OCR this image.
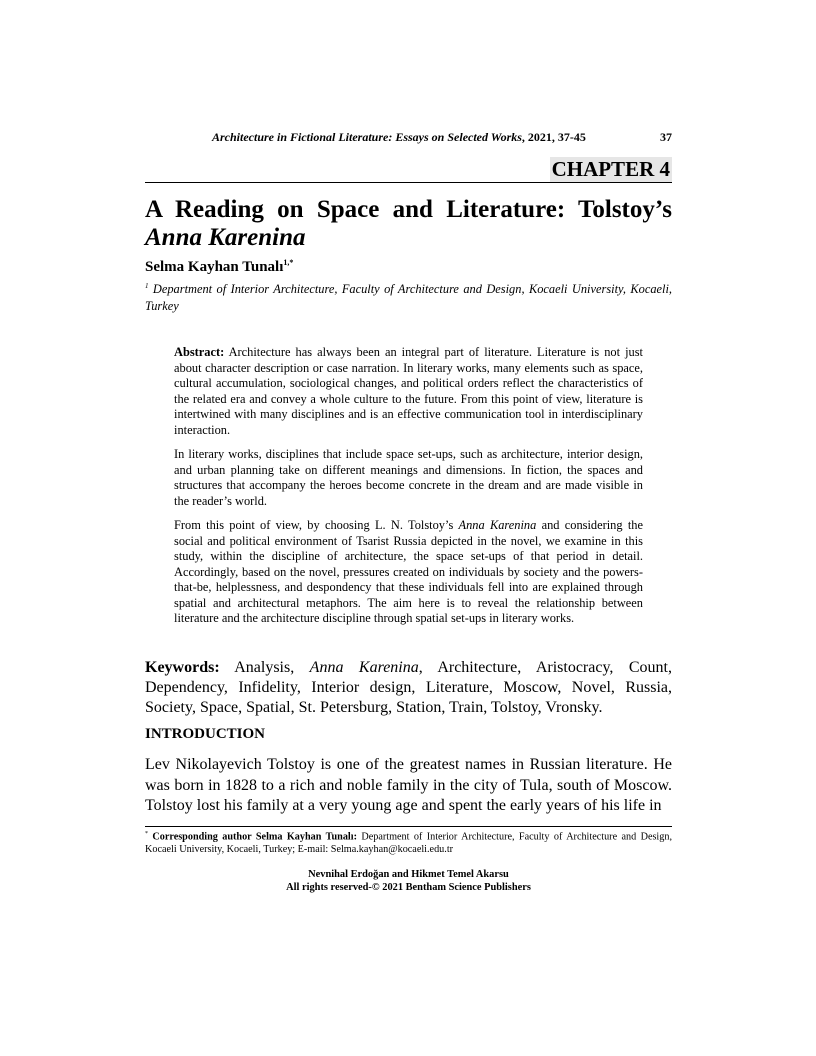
Architecture in Fictional Literature: Essays on Selected Works, 2021, 37-45	37
CHAPTER 4
A Reading on Space and Literature: Tolstoy’s
Anna Karenina
Selma Kayhan Tunalı$^{1,*}$
$^1$ Department of Interior Architecture, Faculty of Architecture and Design, Kocaeli University, Kocaeli, Turkey

Abstract: Architecture has always been an integral part of literature. Literature is not just about character description or case narration. In literary works, many elements such as space, cultural accumulation, sociological changes, and political orders reflect the characteristics of the related era and convey a whole culture to the future. From this point of view, literature is intertwined with many disciplines and is an effective communication tool in interdisciplinary interaction.

In literary works, disciplines that include space set-ups, such as architecture, interior design, and urban planning take on different meanings and dimensions. In fiction, the spaces and structures that accompany the heroes become concrete in the dream and are made visible in the reader’s world.

From this point of view, by choosing L. N. Tolstoy’s Anna Karenina and considering the social and political environment of Tsarist Russia depicted in the novel, we examine in this study, within the discipline of architecture, the space set-ups of that period in detail. Accordingly, based on the novel, pressures created on individuals by society and the powers-that-be, helplessness, and despondency that these individuals fell into are explained through spatial and architectural metaphors. The aim here is to reveal the relationship between literature and the architecture discipline through spatial set-ups in literary works.

Keywords: Analysis, Anna Karenina, Architecture, Aristocracy, Count, Dependency, Infidelity, Interior design, Literature, Moscow, Novel, Russia, Society, Space, Spatial, St. Petersburg, Station, Train, Tolstoy, Vronsky.
INTRODUCTION
Lev Nikolayevich Tolstoy is one of the greatest names in Russian literature. He was born in 1828 to a rich and noble family in the city of Tula, south of Moscow. Tolstoy lost his family at a very young age and spent the early years of his life in
* Corresponding author Selma Kayhan Tunalı: Department of Interior Architecture, Faculty of Architecture and Design, Kocaeli University, Kocaeli, Turkey; E-mail: Selma.kayhan@kocaeli.edu.tr
Nevnihal Erdoğan and Hikmet Temel Akarsu
All rights reserved-© 2021 Bentham Science Publishers
